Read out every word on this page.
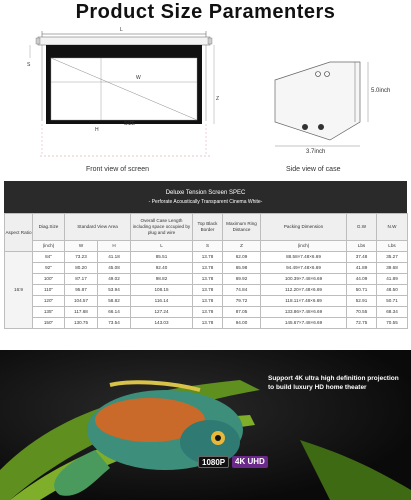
Product Size Paramenters
L
W
H
Z
S
SIZE
5.0inch
3.7inch
Front view of screen	Side view of case
Deluxe Tension Screen SPEC
- Perforate Acoustically Transparent Cinema White-
Aspect Ratio	Diag.Size	Standard View Area		Overall Case Length including space occupied by plug and wire	Top Black Border	Maximum Ring Distance	Packing Dimension	G.W	N.W
	(inch)	W	H	L	S	Z	(inch)	Lbs	Lbs
16:9	84"	73.23	41.18	85.51	13.78	62.09	88.58×7.48×6.69	37.48	35.27
	92"	80.20	45.08	92.40	13.78	65.98	94.49×7.48×6.69	41.89	39.68
	100"	87.17	49.02	98.82	13.78	69.92	100.39×7.48×6.69	44.09	41.89
	110"	95.87	53.94	108.15	13.78	74.84	112.20×7.48×6.69	50.71	48.50
	120"	104.57	58.82	116.14	13.78	79.72	118.11×7.48×6.69	52.91	50.71
	135"	117.68	66.14	127.24	13.78	87.05	133.86×7.48×6.69	70.55	68.34
	150"	130.75	73.54	143.03	13.78	94.00	145.67×7.48×6.69	72.75	70.55
Support 4K ultra high definition projection to build luxury HD home theater
1080P	4K UHD
